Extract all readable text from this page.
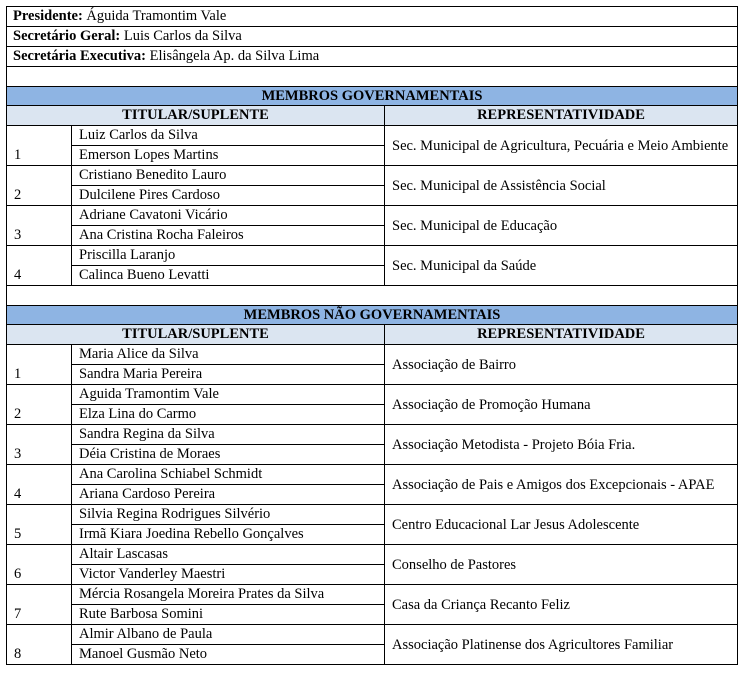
Presidente: Águida Tramontim Vale		
Secretário Geral: Luis Carlos da Silva		
Secretária Executiva: Elisângela Ap. da Silva Lima		

MEMBROS GOVERNAMENTAIS		
TITULAR/SUPLENTE		REPRESENTATIVIDADE
1	Luiz Carlos da Silva	Sec. Municipal de Agricultura, Pecuária e Meio Ambiente
	Emerson Lopes Martins	
2	Cristiano Benedito Lauro	Sec. Municipal de Assistência Social
	Dulcilene Pires Cardoso	
3	Adriane Cavatoni Vicário	Sec. Municipal de Educação
	Ana Cristina Rocha Faleiros	
4	Priscilla Laranjo	Sec. Municipal da Saúde
	Calinca Bueno Levatti	

MEMBROS NÃO GOVERNAMENTAIS		
TITULAR/SUPLENTE		REPRESENTATIVIDADE
1	Maria Alice da Silva	Associação de Bairro
	Sandra Maria Pereira	
2	Aguida Tramontim Vale	Associação de Promoção Humana
	Elza Lina do Carmo	
3	Sandra Regina da Silva	Associação Metodista - Projeto Bóia Fria.
	Déia Cristina de Moraes	
4	Ana Carolina Schiabel Schmidt	Associação de Pais e Amigos dos Excepcionais - APAE
	Ariana Cardoso Pereira	
5	Silvia Regina Rodrigues Silvério	Centro Educacional Lar Jesus Adolescente
	Irmã Kiara Joedina Rebello Gonçalves	
6	Altair Lascasas	Conselho de Pastores
	Victor Vanderley Maestri	
7	Mércia Rosangela Moreira Prates da Silva	Casa da Criança Recanto Feliz
	Rute Barbosa Somini	
8	Almir Albano de Paula	Associação Platinense dos Agricultores Familiar
	Manoel Gusmão Neto	
